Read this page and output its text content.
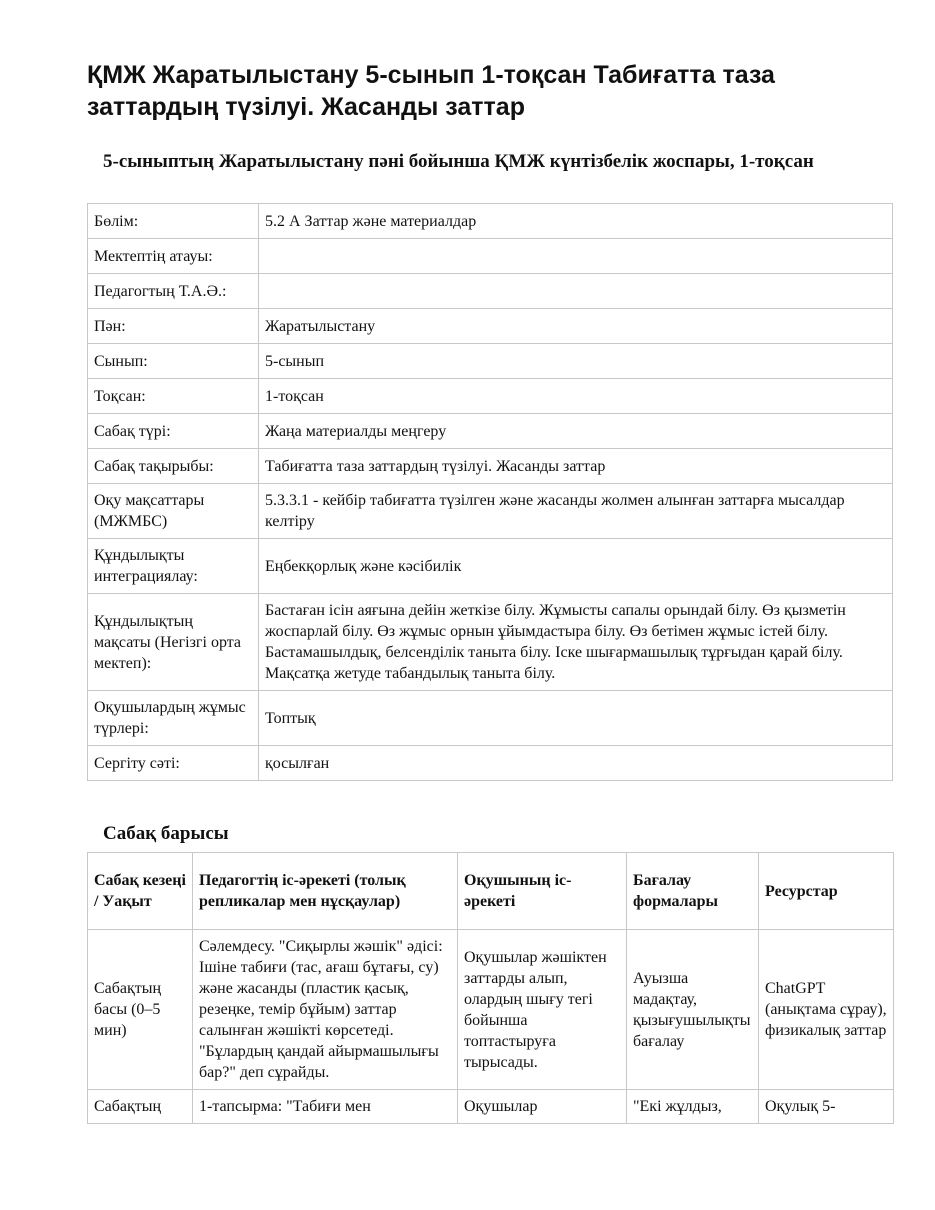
ҚМЖ Жаратылыстану 5-сынып 1-тоқсан Табиғатта таза заттардың түзілуі. Жасанды заттар
5-сыныптың Жаратылыстану пәні бойынша ҚМЖ күнтізбелік жоспары, 1-тоқсан
Бөлім:	5.2 А Заттар және материалдар
Мектептің атауы:	
Педагогтың Т.А.Ә.:	
Пән:	Жаратылыстану
Сынып:	5-сынып
Тоқсан:	1-тоқсан
Сабақ түрі:	Жаңа материалды меңгеру
Сабақ тақырыбы:	Табиғатта таза заттардың түзілуі. Жасанды заттар
Оқу мақсаттары (МЖМБС)	5.3.3.1 - кейбір табиғатта түзілген және жасанды жолмен алынған заттарға мысалдар келтіру
Құндылықты интеграциялау:	Еңбекқорлық және кәсібилік
Құндылықтың мақсаты (Негізгі орта мектеп):	Бастаған ісін аяғына дейін жеткізе білу. Жұмысты сапалы орындай білу. Өз қызметін жоспарлай білу. Өз жұмыс орнын ұйымдастыра білу. Өз бетімен жұмыс істей білу. Бастамашылдық, белсенділік таныта білу. Іске шығармашылық тұрғыдан қарай білу. Мақсатқа жетуде табандылық таныта білу.
Оқушылардың жұмыс түрлері:	Топтық
Сергіту сәті:	қосылған
Сабақ барысы
Сабақ кезеңі / Уақыт	Педагогтің іс-әрекеті (толық репликалар мен нұсқаулар)	Оқушының іс-әрекеті	Бағалау формалары	Ресурстар
Сабақтың басы (0–5 мин)	Сәлемдесу. "Сиқырлы жәшік" әдісі: Ішіне табиғи (тас, ағаш бұтағы, су) және жасанды (пластик қасық, резеңке, темір бұйым) заттар салынған жәшікті көрсетеді. "Бұлардың қандай айырмашылығы бар?" деп сұрайды.	Оқушылар жәшіктен заттарды алып, олардың шығу тегі бойынша топтастыруға тырысады.	Ауызша мадақтау, қызығушылықты бағалау	ChatGPT (анықтама сұрау), физикалық заттар
Сабақтың	1-тапсырма: "Табиғи мен	Оқушылар	"Екі жұлдыз,	Оқулық 5-
